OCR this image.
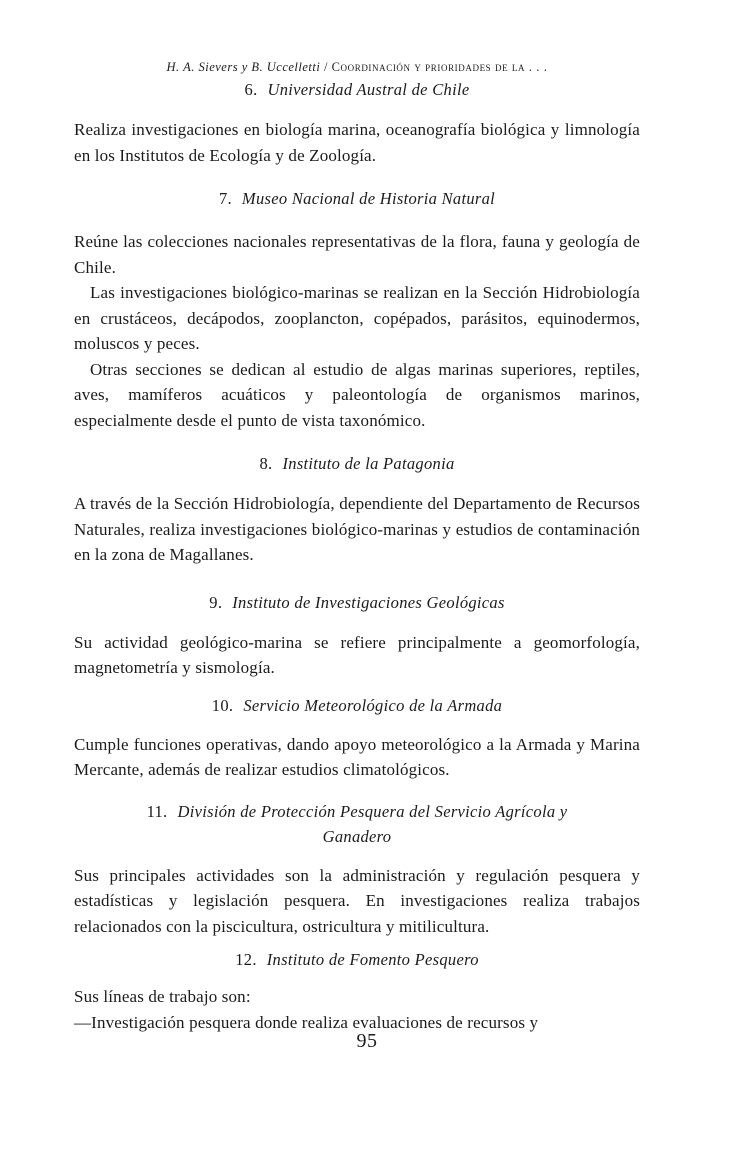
H. A. Sievers y B. Uccelletti / Coordinación y prioridades de la . . .
6. Universidad Austral de Chile

Realiza investigaciones en biología marina, oceanografía biológica y limnología en los Institutos de Ecología y de Zoología.

7. Museo Nacional de Historia Natural

Reúne las colecciones nacionales representativas de la flora, fauna y geología de Chile.

Las investigaciones biológico-marinas se realizan en la Sección Hidrobiología en crustáceos, decápodos, zooplancton, copépados, parásitos, equinodermos, moluscos y peces.

Otras secciones se dedican al estudio de algas marinas superiores, reptiles, aves, mamíferos acuáticos y paleontología de organismos marinos, especialmente desde el punto de vista taxonómico.

8. Instituto de la Patagonia

A través de la Sección Hidrobiología, dependiente del Departamento de Recursos Naturales, realiza investigaciones biológico-marinas y estudios de contaminación en la zona de Magallanes.

9. Instituto de Investigaciones Geológicas

Su actividad geológico-marina se refiere principalmente a geomorfología, magnetometría y sismología.

10. Servicio Meteorológico de la Armada

Cumple funciones operativas, dando apoyo meteorológico a la Armada y Marina Mercante, además de realizar estudios climatológicos.

11. División de Protección Pesquera del Servicio Agrícola y Ganadero

Sus principales actividades son la administración y regulación pesquera y estadísticas y legislación pesquera. En investigaciones realiza trabajos relacionados con la piscicultura, ostricultura y mitilicultura.

12. Instituto de Fomento Pesquero

Sus líneas de trabajo son:

—Investigación pesquera donde realiza evaluaciones de recursos y

95
